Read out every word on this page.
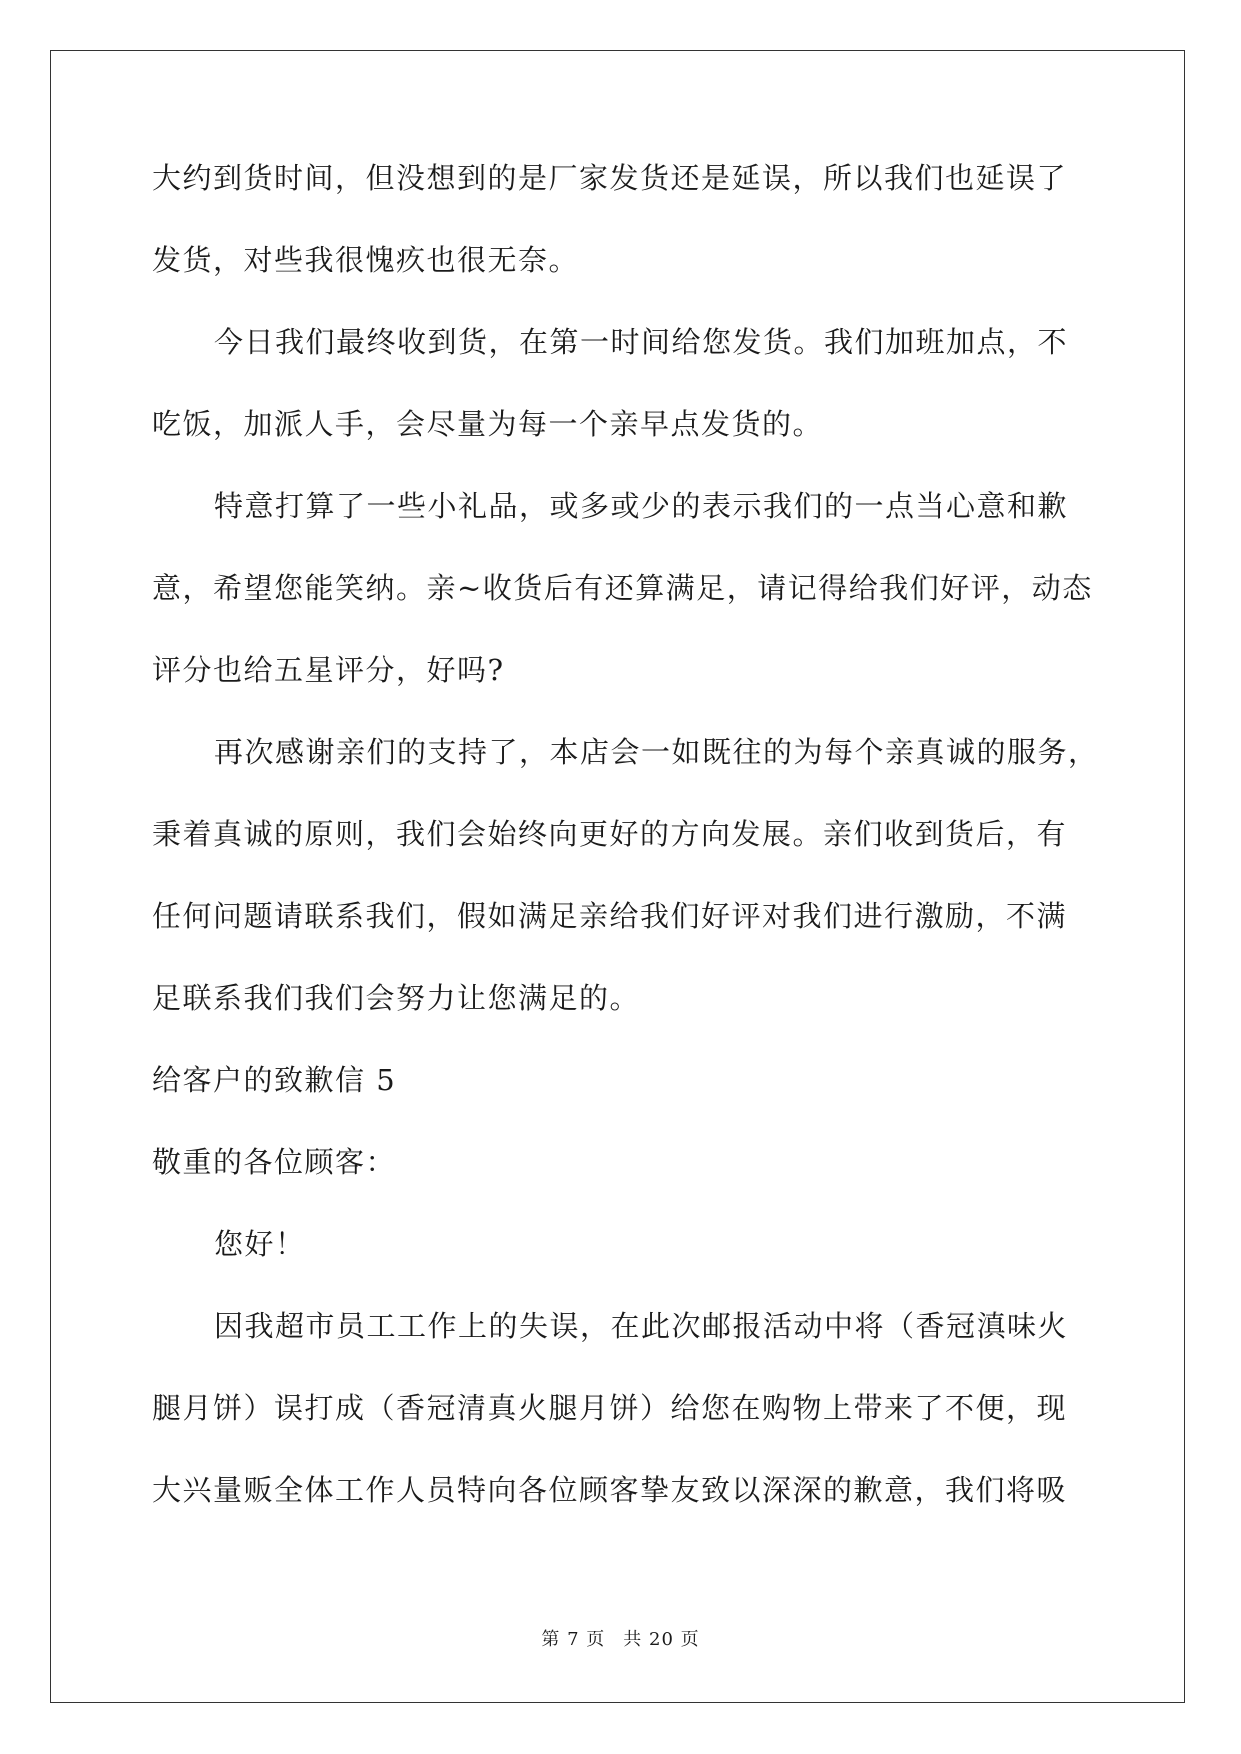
大约到货时间，但没想到的是厂家发货还是延误，所以我们也延误了
发货，对些我很愧疚也很无奈。
今日我们最终收到货，在第一时间给您发货。我们加班加点，不
吃饭，加派人手，会尽量为每一个亲早点发货的。
特意打算了一些小礼品，或多或少的表示我们的一点当心意和歉
意，希望您能笑纳。亲~收货后有还算满足，请记得给我们好评，动态
评分也给五星评分，好吗?
再次感谢亲们的支持了，本店会一如既往的为每个亲真诚的服务，
秉着真诚的原则，我们会始终向更好的方向发展。亲们收到货后，有
任何问题请联系我们，假如满足亲给我们好评对我们进行激励，不满
足联系我们我们会努力让您满足的。
给客户的致歉信 5
敬重的各位顾客：
您好！
因我超市员工工作上的失误，在此次邮报活动中将（香冠滇味火
腿月饼）误打成（香冠清真火腿月饼）给您在购物上带来了不便，现
大兴量贩全体工作人员特向各位顾客挚友致以深深的歉意，我们将吸
第 7 页 共 20 页
